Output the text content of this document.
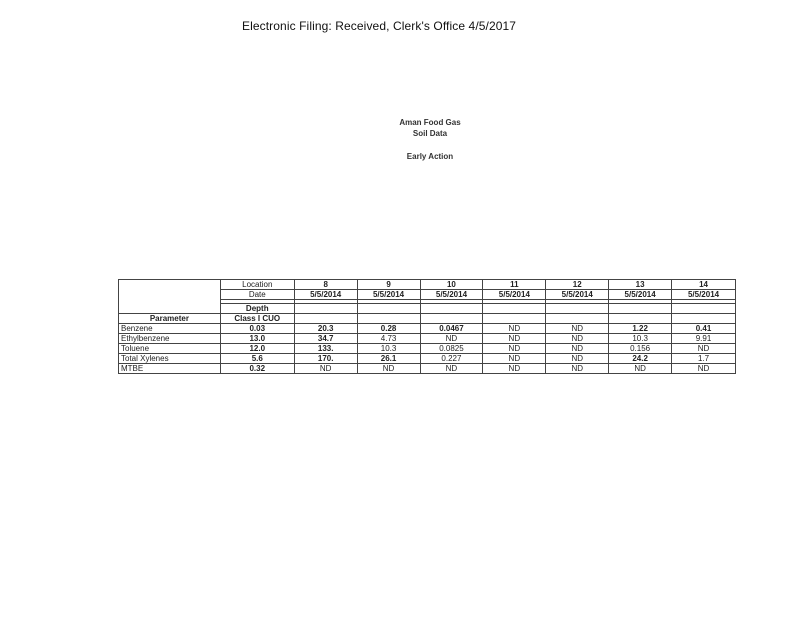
Electronic Filing: Received, Clerk's Office 4/5/2017
Aman Food Gas
Soil Data
Early Action
	Location	8	9	10	11	12	13	14
	Date	5/5/2014	5/5/2014	5/5/2014	5/5/2014	5/5/2014	5/5/2014	5/5/2014

	Depth							
Parameter	Class I CUO							
Benzene	0.03	20.3	0.28	0.0467	ND	ND	1.22	0.41
Ethylbenzene	13.0	34.7	4.73	ND	ND	ND	10.3	9.91
Toluene	12.0	133.	10.3	0.0825	ND	ND	0.156	ND
Total Xylenes	5.6	170.	26.1	0.227	ND	ND	24.2	1.7
MTBE	0.32	ND	ND	ND	ND	ND	ND	ND
